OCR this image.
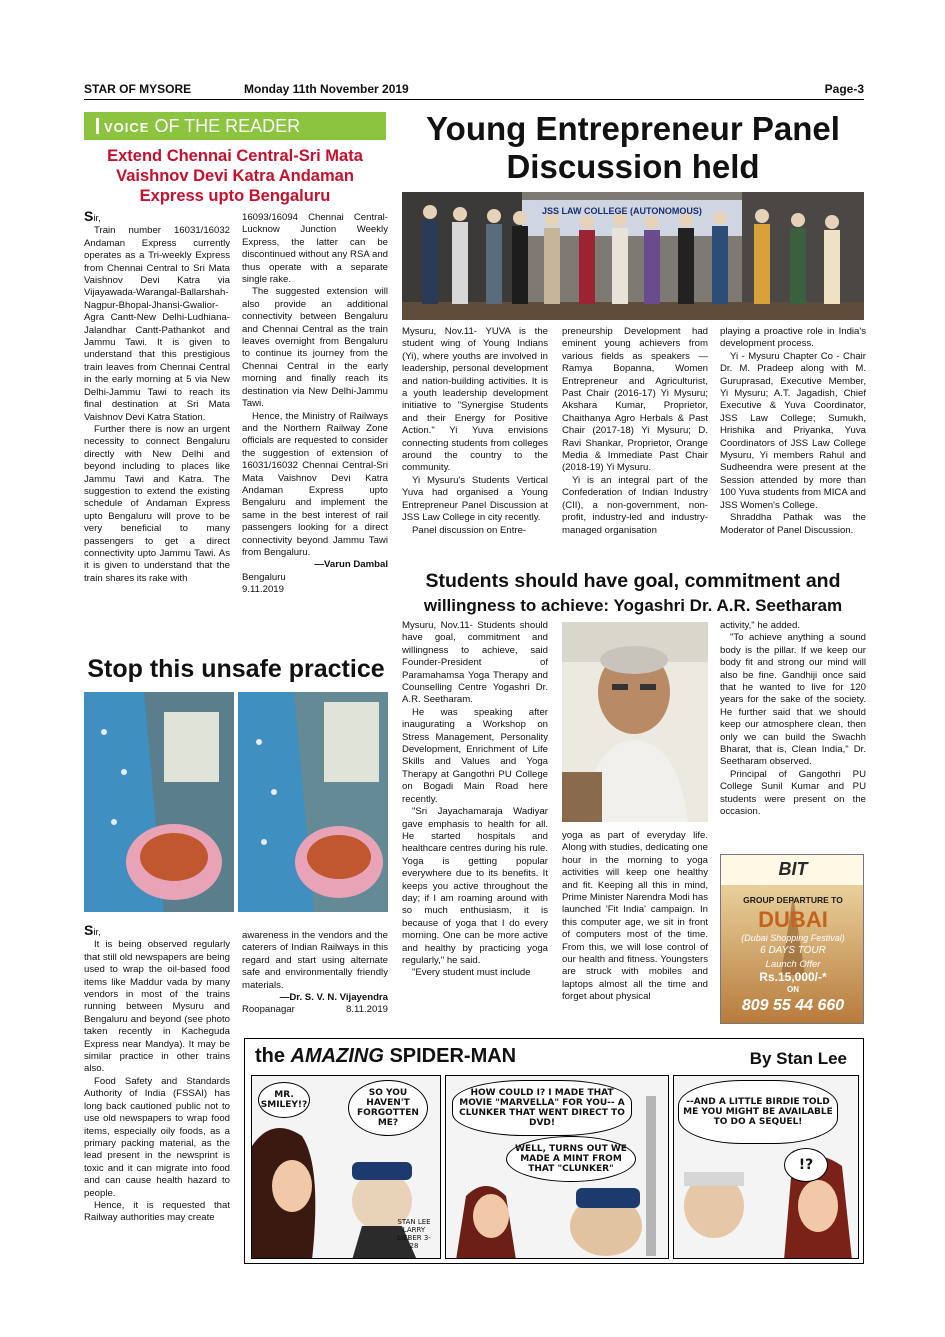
STAR OF MYSORE	Monday 11th November 2019	Page-3
VOICE OF THE READER
Extend Chennai Central-Sri Mata Vaishnov Devi Katra Andaman Express upto Bengaluru

Sir,

Train number 16031/16032 Andaman Express currently operates as a Tri-weekly Express from Chennai Central to Sri Mata Vaishnov Devi Katra via Vijayawada-Warangal-Ballarshah-Nagpur-Bhopal-Jhansi-Gwalior-Agra Cantt-New Delhi-Ludhiana-Jalandhar Cantt-Pathankot and Jammu Tawi. It is given to understand that this prestigious train leaves from Chennai Central in the early morning at 5 via New Delhi-Jammu Tawi to reach its final destination at Sri Mata Vaishnov Devi Katra Station.

Further there is now an urgent necessity to connect Bengaluru directly with New Delhi and beyond including to places like Jammu Tawi and Katra. The suggestion to extend the existing schedule of Andaman Express upto Bengaluru will prove to be very beneficial to many passengers to get a direct connectivity upto Jammu Tawi. As it is given to understand that the train shares its rake with

16093/16094 Chennai Central-Lucknow Junction Weekly Express, the latter can be discontinued without any RSA and thus operate with a separate single rake.

The suggested extension will also provide an additional connectivity between Bengaluru and Chennai Central as the train leaves overnight from Bengaluru to continue its journey from the Chennai Central in the early morning and finally reach its destination via New Delhi-Jammu Tawi.

Hence, the Ministry of Railways and the Northern Railway Zone officials are requested to consider the suggestion of extension of 16031/16032 Chennai Central-Sri Mata Vaishnov Devi Katra Andaman Express upto Bengaluru and implement the same in the best interest of rail passengers looking for a direct connectivity beyond Jammu Tawi from Bengaluru.

—Varun Dambal

Bengaluru

9.11.2019

Stop this unsafe practice

Sir,

It is being observed regularly that still old newspapers are being used to wrap the oil-based food items like Maddur vada by many vendors in most of the trains running between Mysuru and Bengaluru and beyond (see photo taken recently in Kacheguda Express near Mandya). It may be similar practice in other trains also.

Food Safety and Standards Authority of India (FSSAI) has long back cautioned public not to use old newspapers to wrap food items, especially oily foods, as a primary packing material, as the lead present in the newsprint is toxic and it can migrate into food and can cause health hazard to people.

Hence, it is requested that Railway authorities may create

awareness in the vendors and the caterers of Indian Railways in this regard and start using alternate safe and environmentally friendly materials.

—Dr. S. V. N. Vijayendra

Roopanagar	8.11.2019

Young Entrepreneur Panel Discussion held
JSS LAW COLLEGE (AUTONOMOUS)

Mysuru, Nov.11- YUVA is the student wing of Young Indians (Yi), where youths are involved in leadership, personal development and nation-building activities. It is a youth leadership development initiative to "Synergise Students and their Energy for Positive Action." Yi Yuva envisions connecting students from colleges around the country to the community.

Yi Mysuru's Students Vertical Yuva had organised a Young Entrepreneur Panel Discussion at JSS Law College in city recently.

Panel discussion on Entre-

preneurship Development had eminent young achievers from various fields as speakers — Ramya Bopanna, Women Entrepreneur and Agriculturist, Past Chair (2016-17) Yi Mysuru; Akshara Kumar, Proprietor, Chaithanya Agro Herbals & Past Chair (2017-18) Yi Mysuru; D. Ravi Shankar, Proprietor, Orange Media & Immediate Past Chair (2018-19) Yi Mysuru.

Yi is an integral part of the Confederation of Indian Industry (CII), a non-government, non-profit, industry-led and industry-managed organisation

playing a proactive role in India's development process.

Yi - Mysuru Chapter Co - Chair Dr. M. Pradeep along with M. Guruprasad, Executive Member, Yi Mysuru; A.T. Jagadish, Chief Executive & Yuva Coordinator, JSS Law College; Sumukh, Hrishika and Priyanka, Yuva Coordinators of JSS Law College Mysuru, Yi members Rahul and Sudheendra were present at the Session attended by more than 100 Yuva students from MICA and JSS Women's College.

Shraddha Pathak was the Moderator of Panel Discussion.

Students should have goal, commitment and
willingness to achieve: Yogashri Dr. A.R. Seetharam

Mysuru, Nov.11- Students should have goal, commitment and willingness to achieve, said Founder-President of Paramahamsa Yoga Therapy and Counselling Centre Yogashri Dr. A.R. Seetharam.

He was speaking after inaugurating a Workshop on Stress Management, Personality Development, Enrichment of Life Skills and Values and Yoga Therapy at Gangothri PU College on Bogadi Main Road here recently.

"Sri Jayachamaraja Wadiyar gave emphasis to health for all. He started hospitals and healthcare centres during his rule. Yoga is getting popular everywhere due to its benefits. It keeps you active throughout the day; if I am roaming around with so much enthusiasm, it is because of yoga that I do every morning. One can be more active and healthy by practicing yoga regularly," he said.

"Every student must include

yoga as part of everyday life. Along with studies, dedicating one hour in the morning to yoga activities will keep one healthy and fit. Keeping all this in mind, Prime Minister Narendra Modi has launched 'Fit India' campaign. In this computer age, we sit in front of computers most of the time. From this, we will lose control of our health and fitness. Youngsters are struck with mobiles and laptops almost all the time and forget about physical

activity," he added.

"To achieve anything a sound body is the pillar. If we keep our body fit and strong our mind will also be fine. Gandhiji once said that he wanted to live for 120 years for the sake of the society. He further said that we should keep our atmosphere clean, then only we can build the Swachh Bharat, that is, Clean India," Dr. Seetharam observed.

Principal of Gangothri PU College Sunil Kumar and PU students were present on the occasion.

BIT
GROUP DEPARTURE TO
DUBAI
(Dubai Shopping Festival)
6 DAYS TOUR
Launch Offer
Rs.15,000/-*
ON
809 55 44 660
the AMAZING SPIDER-MAN	By Stan Lee
MR. SMILEY!?
SO YOU HAVEN'T FORGOTTEN ME?
STAN LEE LARRY LIEBER 3-28
HOW COULD I? I MADE THAT MOVIE "MARVELLA" FOR YOU-- A CLUNKER THAT WENT DIRECT TO DVD!
WELL, TURNS OUT WE MADE A MINT FROM THAT "CLUNKER"
--AND A LITTLE BIRDIE TOLD ME YOU MIGHT BE AVAILABLE TO DO A SEQUEL!
!?
